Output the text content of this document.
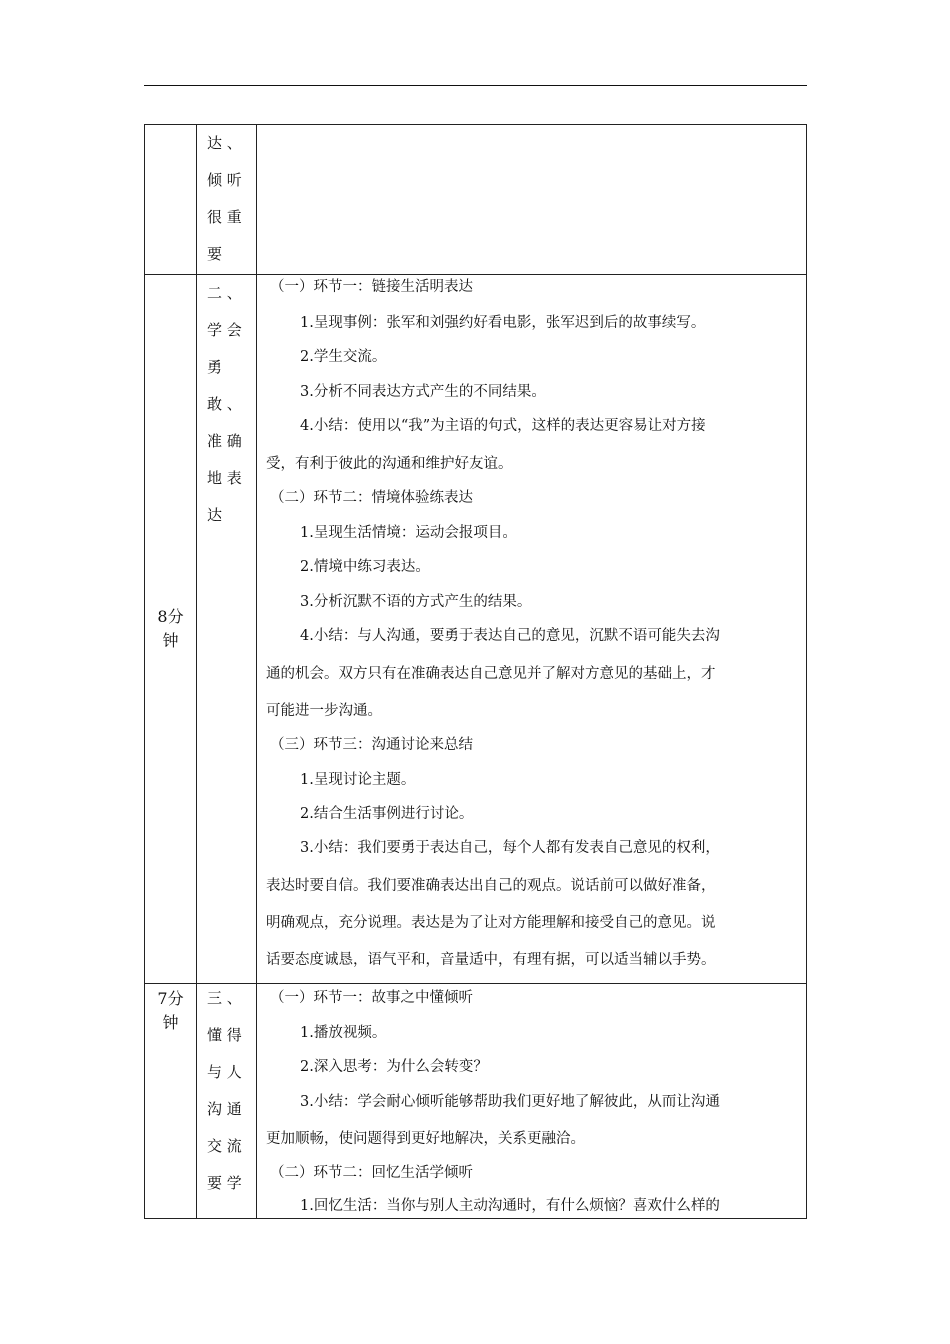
达 、
倾 听
很 重
要
8分
钟
二 、
学 会
勇
敢 、
准 确
地 表
达
（一）环节一：链接生活明表达
1.呈现事例：张军和刘强约好看电影，张军迟到后的故事续写。
2.学生交流。
3.分析不同表达方式产生的不同结果。
4.小结：使用以“我”为主语的句式，这样的表达更容易让对方接
受，有利于彼此的沟通和维护好友谊。
（二）环节二：情境体验练表达
1.呈现生活情境：运动会报项目。
2.情境中练习表达。
3.分析沉默不语的方式产生的结果。
4.小结：与人沟通，要勇于表达自己的意见，沉默不语可能失去沟
通的机会。双方只有在准确表达自己意见并了解对方意见的基础上，才
可能进一步沟通。
（三）环节三：沟通讨论来总结
1.呈现讨论主题。
2.结合生活事例进行讨论。
3.小结：我们要勇于表达自己，每个人都有发表自己意见的权利，
表达时要自信。我们要准确表达出自己的观点。说话前可以做好准备，
明确观点，充分说理。表达是为了让对方能理解和接受自己的意见。说
话要态度诚恳，语气平和，音量适中，有理有据，可以适当辅以手势。
7分
钟
三 、
懂 得
与 人
沟 通
交 流
要 学
（一）环节一：故事之中懂倾听
1.播放视频。
2.深入思考：为什么会转变？
3.小结：学会耐心倾听能够帮助我们更好地了解彼此，从而让沟通
更加顺畅，使问题得到更好地解决，关系更融洽。
（二）环节二：回忆生活学倾听
1.回忆生活：当你与别人主动沟通时，有什么烦恼？喜欢什么样的
